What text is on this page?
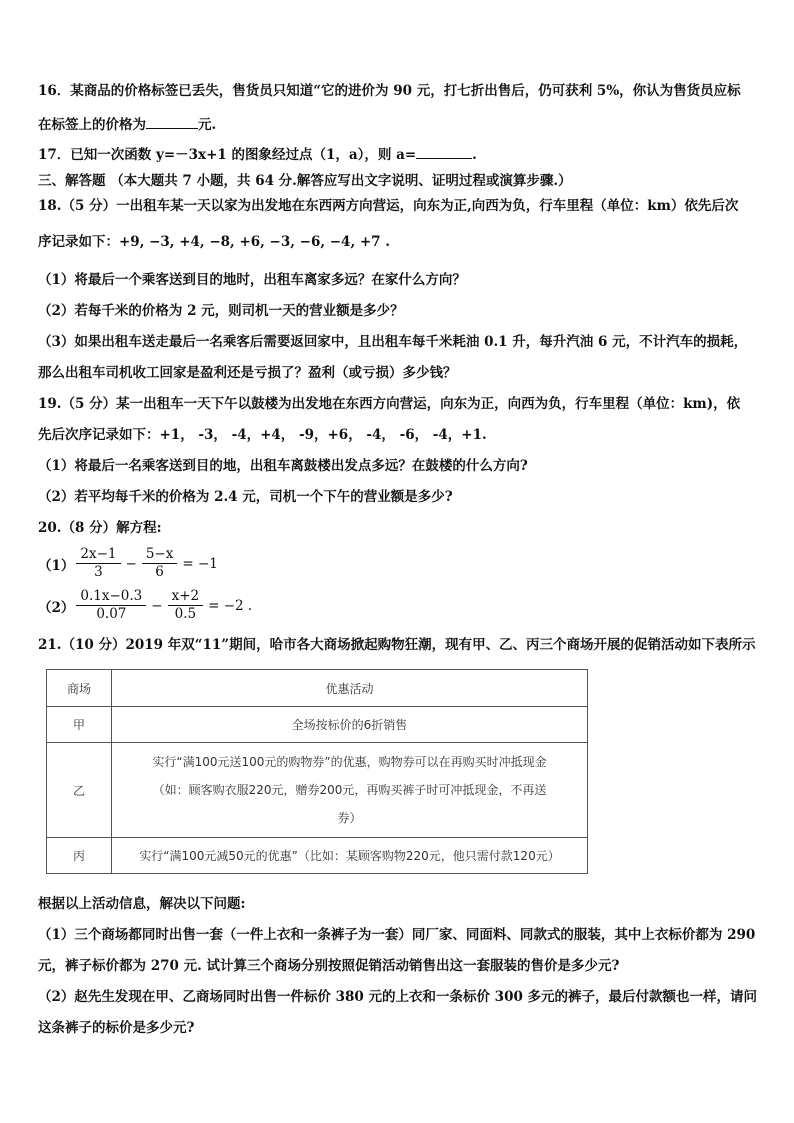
16．某商品的价格标签已丢失，售货员只知道“它的进价为 90 元，打七折出售后，仍可获利 5%，你认为售货员应标
在标签上的价格为	元.
17．已知一次函数 y=－3x+1 的图象经过点（1，a），则 a=	.
三、解答题 （本大题共 7 小题，共 64 分.解答应写出文字说明、证明过程或演算步骤.）
18.（5 分）一出租车某一天以家为出发地在东西两方向营运，向东为正,向西为负，行车里程（单位：km）依先后次
序记录如下：+9, −3, +4, −8, +6, −3, −6, −4, +7 .
（1）将最后一个乘客送到目的地时，出租车离家多远？在家什么方向？
（2）若每千米的价格为 2 元，则司机一天的营业额是多少？
（3）如果出租车送走最后一名乘客后需要返回家中，且出租车每千米耗油 0.1 升，每升汽油 6 元，不计汽车的损耗，
那么出租车司机收工回家是盈利还是亏损了？盈利（或亏损）多少钱？
19.（5 分）某一出租车一天下午以鼓楼为出发地在东西方向营运，向东为正，向西为负，行车里程（单位：km)，依
先后次序记录如下：+1， -3， -4，+4， -9，+6， -4， -6， -4，+1.
（1）将最后一名乘客送到目的地，出租车离鼓楼出发点多远？在鼓楼的什么方向?
（2）若平均每千米的价格为 2.4 元，司机一个下午的营业额是多少?
20.（8 分）解方程:
$(1) \frac{2x-1}{3} - \frac{5-x}{6} = -1$
$(2) \frac{0.1x-0.3}{0.07} - \frac{x+2}{0.5} = -2$ .
21.（10 分）2019 年双“11”期间，哈市各大商场掀起购物狂潮，现有甲、乙、丙三个商场开展的促销活动如下表所示
商场	优惠活动
甲	全场按标价的6折销售
乙	实行“满100元送100元的购物券”的优惠，购物券可以在再购买时冲抵现金
（如：顾客购衣服220元，赠券200元，再购买裤子时可冲抵现金，不再送
券）

丙	实行“满100元减50元的优惠”（比如：某顾客购物220元，他只需付款120元）
根据以上活动信息，解决以下问题:
（1）三个商场都同时出售一套（一件上衣和一条裤子为一套）同厂家、同面料、同款式的服装，其中上衣标价都为 290
元，裤子标价都为 270 元. 试计算三个商场分别按照促销活动销售出这一套服装的售价是多少元?
（2）赵先生发现在甲、乙商场同时出售一件标价 380 元的上衣和一条标价 300 多元的裤子，最后付款额也一样，请问
这条裤子的标价是多少元?
